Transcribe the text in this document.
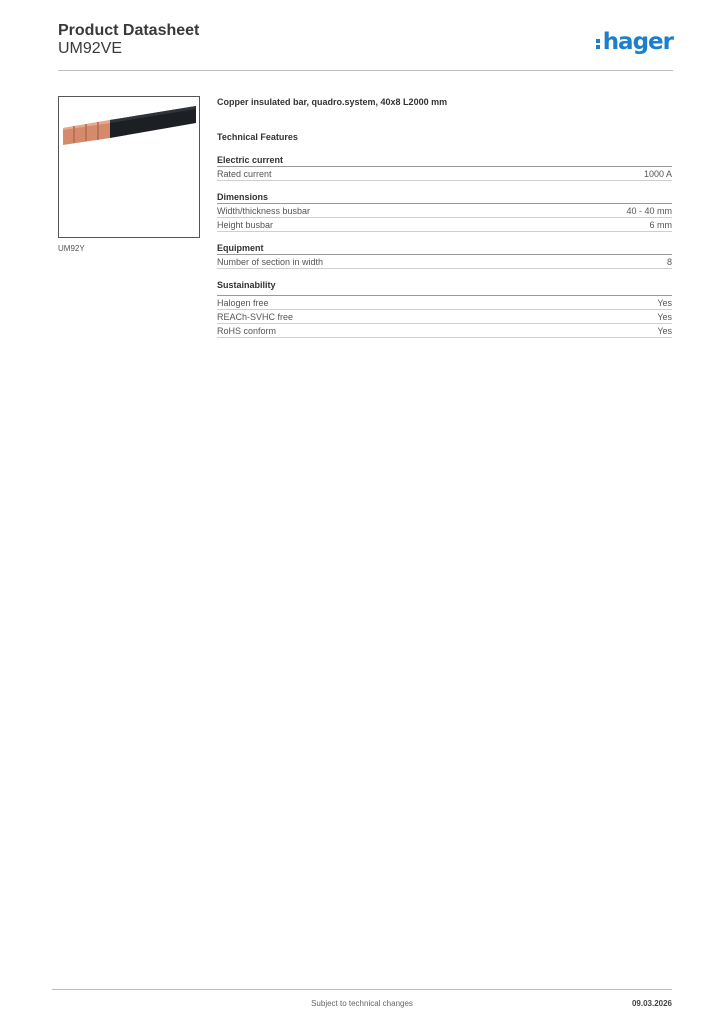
Product Datasheet
UM92VE	hager
UM92Y
Copper insulated bar, quadro.system, 40x8 L2000 mm
Technical Features
Electric current
Rated current	1000 A
Dimensions
Width/thickness busbar	40 - 40 mm
Height busbar	6 mm
Equipment
Number of section in width	8
Sustainability
Halogen free	Yes
REACh-SVHC free	Yes
RoHS conform	Yes
Subject to technical changes	09.03.2026
